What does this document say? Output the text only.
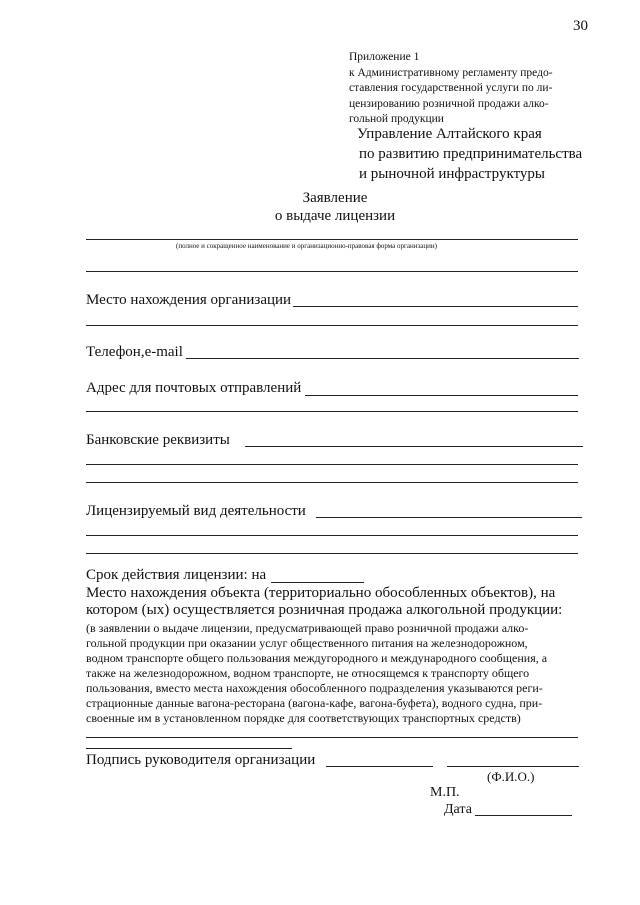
30
Приложение 1
к Административному регламенту предо-
ставления государственной услуги по ли-
цензированию розничной продажи алко-
гольной продукции
Управление Алтайского края
по развитию предпринимательства
и рыночной инфраструктуры
Заявление
о выдаче лицензии
(полное и сокращенное наименование и организационно-правовая форма организации)
Место нахождения организации
Телефон,e-mail
Адрес для почтовых отправлений
Банковские реквизиты
Лицензируемый вид деятельности
Срок действия лицензии: на
Место нахождения объекта (территориально обособленных объектов), на
котором (ых) осуществляется розничная продажа алкогольной продукции:
(в заявлении о выдаче лицензии, предусматривающей право розничной продажи алко-
гольной продукции при оказании услуг общественного питания на железнодорожном,
водном транспорте общего пользования междугородного и международного сообщения, а
также на железнодорожном, водном транспорте, не относящемся к транспорту общего
пользования, вместо места нахождения обособленного подразделения указываются реги-
страционные данные вагона-ресторана (вагона-кафе, вагона-буфета), водного судна, при-
своенные им в установленном порядке для соответствующих транспортных средств)
Подпись руководителя организации
(Ф.И.О.)
М.П.
Дата
